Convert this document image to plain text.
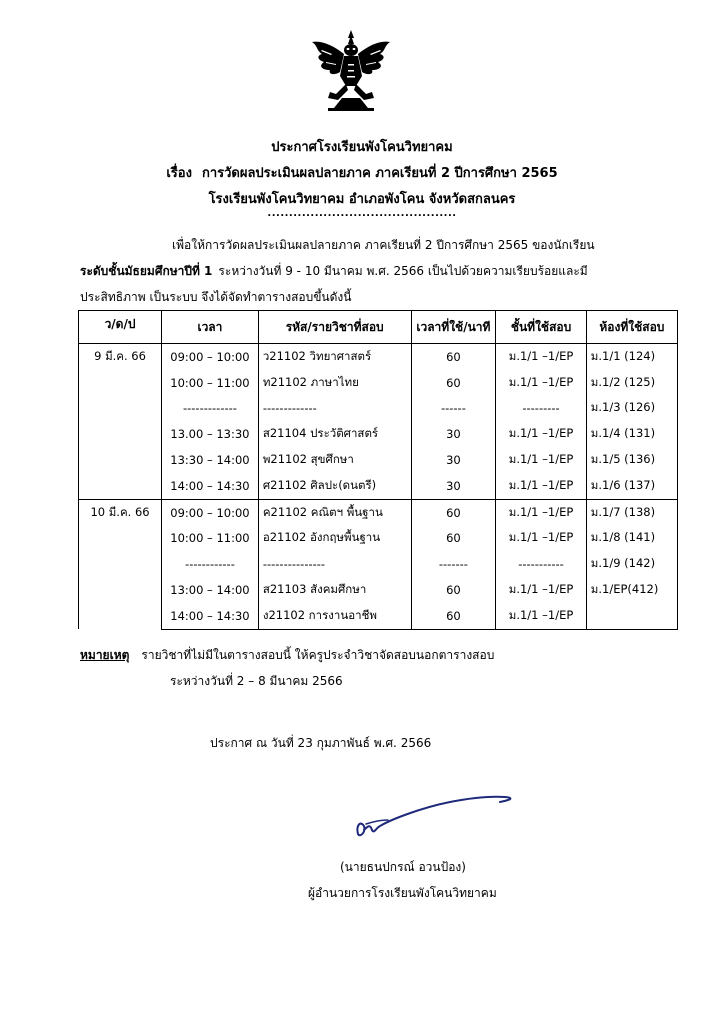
ประกาศโรงเรียนพังโคนวิทยาคม
เรื่อง การวัดผลประเมินผลปลายภาค ภาคเรียนที่ 2 ปีการศึกษา 2565
โรงเรียนพังโคนวิทยาคม อำเภอพังโคน จังหวัดสกลนคร
............................................
เพื่อให้การวัดผลประเมินผลปลายภาค ภาคเรียนที่ 2 ปีการศึกษา 2565 ของนักเรียน
ระดับชั้นมัธยมศึกษาปีที่ 1 ระหว่างวันที่ 9 - 10 มีนาคม พ.ศ. 2566 เป็นไปด้วยความเรียบร้อยและมี
ประสิทธิภาพ เป็นระบบ จึงได้จัดทำตารางสอบขึ้นดังนี้
ว/ด/ป	เวลา	รหัส/รายวิชาที่สอบ	เวลาที่ใช้/นาที	ชั้นที่ใช้สอบ	ห้องที่ใช้สอบ
9 มี.ค. 66	09:00 – 10:00	ว21102 วิทยาศาสตร์	60	ม.1/1 –1/EP	ม.1/1 (124)
	10:00 – 11:00	ท21102 ภาษาไทย	60	ม.1/1 –1/EP	ม.1/2 (125)
	-------------	-------------	------	---------	ม.1/3 (126)
	13.00 – 13:30	ส21104 ประวัติศาสตร์	30	ม.1/1 –1/EP	ม.1/4 (131)
	13:30 – 14:00	พ21102 สุขศึกษา	30	ม.1/1 –1/EP	ม.1/5 (136)
	14:00 – 14:30	ศ21102 ศิลปะ(ดนตรี)	30	ม.1/1 –1/EP	ม.1/6 (137)
10 มี.ค. 66	09:00 – 10:00	ค21102 คณิตฯ พื้นฐาน	60	ม.1/1 –1/EP	ม.1/7 (138)
	10:00 – 11:00	อ21102 อังกฤษพื้นฐาน	60	ม.1/1 –1/EP	ม.1/8 (141)
	------------	---------------	-------	-----------	ม.1/9 (142)
	13:00 – 14:00	ส21103 สังคมศึกษา	60	ม.1/1 –1/EP	ม.1/EP(412)
	14:00 – 14:30	ง21102 การงานอาชีพ	60	ม.1/1 –1/EP	
หมายเหตุ รายวิชาที่ไม่มีในตารางสอบนี้ ให้ครูประจำวิชาจัดสอบนอกตารางสอบ
ระหว่างวันที่ 2 – 8 มีนาคม 2566
ประกาศ ณ วันที่ 23 กุมภาพันธ์ พ.ศ. 2566
(นายธนปกรณ์ อวนป้อง)
ผู้อำนวยการโรงเรียนพังโคนวิทยาคม
